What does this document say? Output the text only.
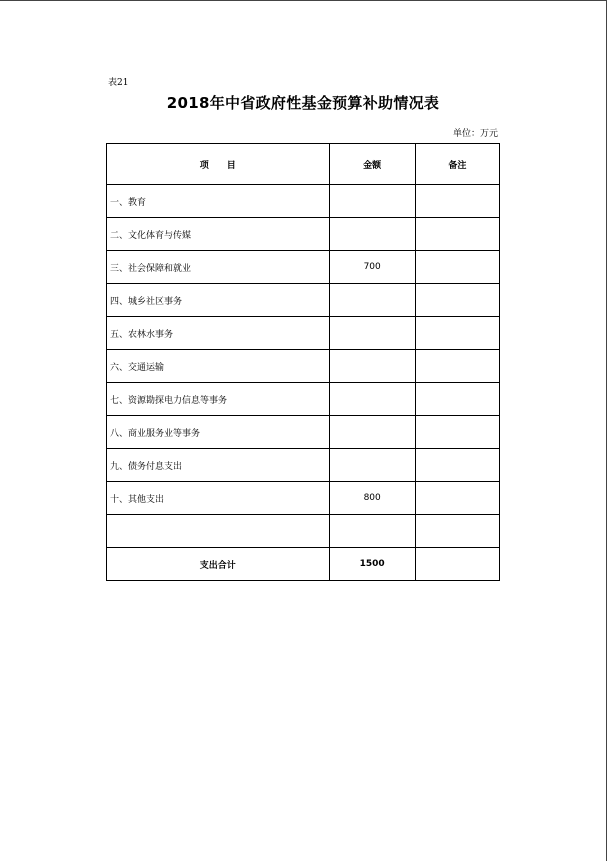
表21
2018年中省政府性基金预算补助情况表
单位：万元
项　　目	金额	备注
一、教育		
二、文化体育与传媒		
三、社会保障和就业	700	
四、城乡社区事务		
五、农林水事务		
六、交通运输		
七、资源勘探电力信息等事务		
八、商业服务业等事务		
九、债务付息支出		
十、其他支出	800	

支出合计	1500	
